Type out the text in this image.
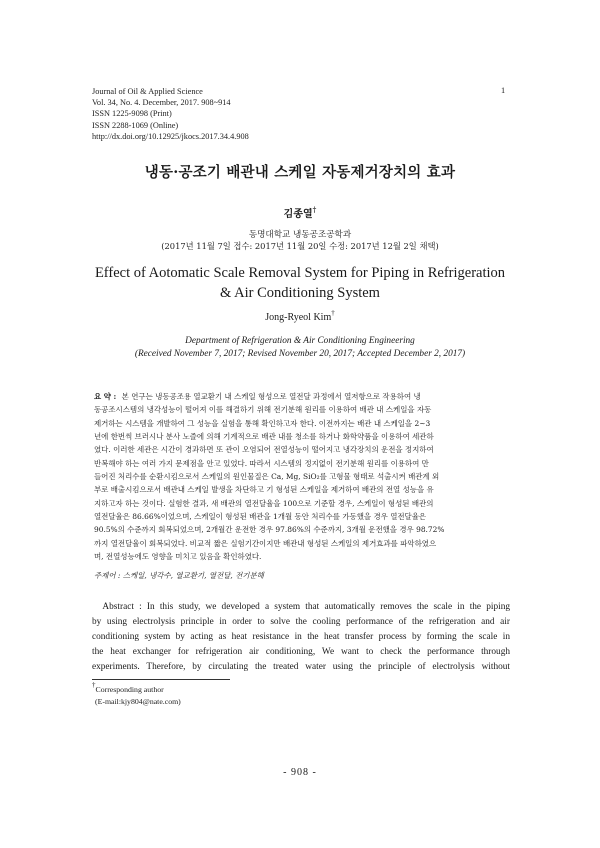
Journal of Oil & Applied Science
Vol. 34, No. 4. December, 2017. 908~914
ISSN 1225-9098 (Print)
ISSN 2288-1069 (Online)
http://dx.doi.org/10.12925/jkocs.2017.34.4.908
1
냉동·공조기 배관내 스케일 자동제거장치의 효과
김종열†
동명대학교 냉동공조공학과
(2017년 11월 7일 접수: 2017년 11월 20일 수정: 2017년 12월 2일 채택)
Effect of Aotomatic Scale Removal System for Piping in Refrigeration
& Air Conditioning System
Jong-Ryeol Kim†
Department of Refrigeration & Air Conditioning Engineering
(Received November 7, 2017; Revised November 20, 2017; Accepted December 2, 2017)
요 약 : 본 연구는 냉동공조용 열교환기 내 스케일 형성으로 열전달 과정에서 열저항으로 작용하여 냉
동공조시스템의 냉각성능이 떨어져 이를 해결하기 위해 전기분해 원리를 이용하여 배관 내 스케일을 자동
제거하는 시스템을 개발하여 그 성능을 실험을 통해 확인하고자 한다. 이전까지는 배관 내 스케일을 2~3
년에 한번씩 브러시나 분사 노즐에 의해 기계적으로 배관 내를 청소를 하거나 화학약품을 이용하여 세관하
였다. 이러한 세관은 시간이 경과하면 또 관이 오염되어 전열성능이 떨어지고 냉각장치의 운전을 정지하여
반복해야 하는 여러 가지 문제점을 안고 있었다. 따라서 시스템의 정지없이 전기분해 원리를 이용하여 만
들어진 처리수를 순환시킴으로서 스케일의 원인물질은 Ca, Mg, SiO₂를 고형물 형태로 석출시켜 배관계 외
부로 배출시킴으로서 배관내 스케일 발생을 차단하고 기 형성된 스케일을 제거하여 배관의 전열 성능을 유
지하고자 하는 것이다. 실험한 결과, 새 배관의 열전달율을 100으로 기준할 경우, 스케일이 형성된 배관의
열전달율은 86.66%이었으며, 스케일이 형성된 배관을 1개월 동안 처리수를 가동했을 경우 열전달율은
90.5%의 수준까지 회복되었으며, 2개월간 운전한 경우 97.86%의 수준까지, 3개월 운전했을 경우 98.72%
까지 열전달율이 회복되었다. 비교적 짧은 실험기간이지만 배관내 형성된 스케일의 제거효과를 파악하였으
며, 전열성능에도 영향을 미치고 있음을 확인하였다.
주제어 : 스케일, 냉각수, 열교환기, 열전달, 전기분해
Abstract : In this study, we developed a system that automatically removes the scale in the piping
by using electrolysis principle in order to solve the cooling performance of the refrigeration and air
conditioning system by acting as heat resistance in the heat transfer process by forming the scale in
the heat exchanger for refrigeration air conditioning, We want to check the performance through
experiments. Therefore, by circulating the treated water using the principle of electrolysis without
†Corresponding author
(E-mail:kjy804@nate.com)
- 908 -
